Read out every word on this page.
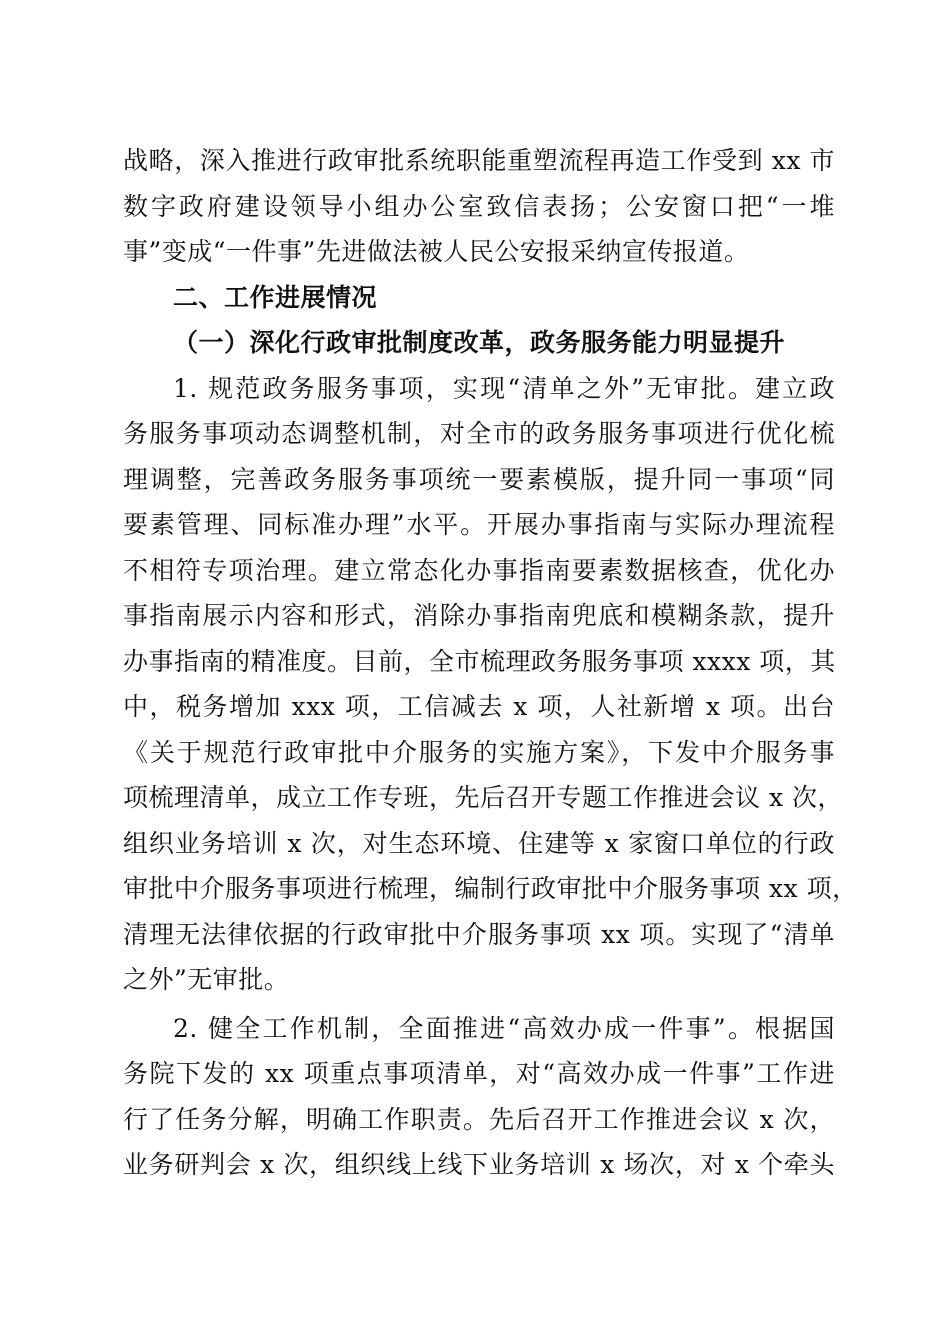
战略，深入推进行政审批系统职能重塑流程再造工作受到 xx 市
数字政府建设领导小组办公室致信表扬；公安窗口把“一堆
事”变成“一件事”先进做法被人民公安报采纳宣传报道。
二、工作进展情况
（一）深化行政审批制度改革，政务服务能力明显提升
1. 规范政务服务事项，实现“清单之外”无审批。建立政
务服务事项动态调整机制，对全市的政务服务事项进行优化梳
理调整，完善政务服务事项统一要素模版，提升同一事项“同
要素管理、同标准办理”水平。开展办事指南与实际办理流程
不相符专项治理。建立常态化办事指南要素数据核查，优化办
事指南展示内容和形式，消除办事指南兜底和模糊条款，提升
办事指南的精准度。目前，全市梳理政务服务事项 xxxx 项，其
中，税务增加 xxx 项，工信减去 x 项，人社新增 x 项。出台
《关于规范行政审批中介服务的实施方案》，下发中介服务事
项梳理清单，成立工作专班，先后召开专题工作推进会议 x 次，
组织业务培训 x 次，对生态环境、住建等 x 家窗口单位的行政
审批中介服务事项进行梳理，编制行政审批中介服务事项 xx 项，
清理无法律依据的行政审批中介服务事项 xx 项。实现了“清单
之外”无审批。
2. 健全工作机制，全面推进“高效办成一件事”。根据国
务院下发的 xx 项重点事项清单，对“高效办成一件事”工作进
行了任务分解，明确工作职责。先后召开工作推进会议 x 次，
业务研判会 x 次，组织线上线下业务培训 x 场次，对 x 个牵头
